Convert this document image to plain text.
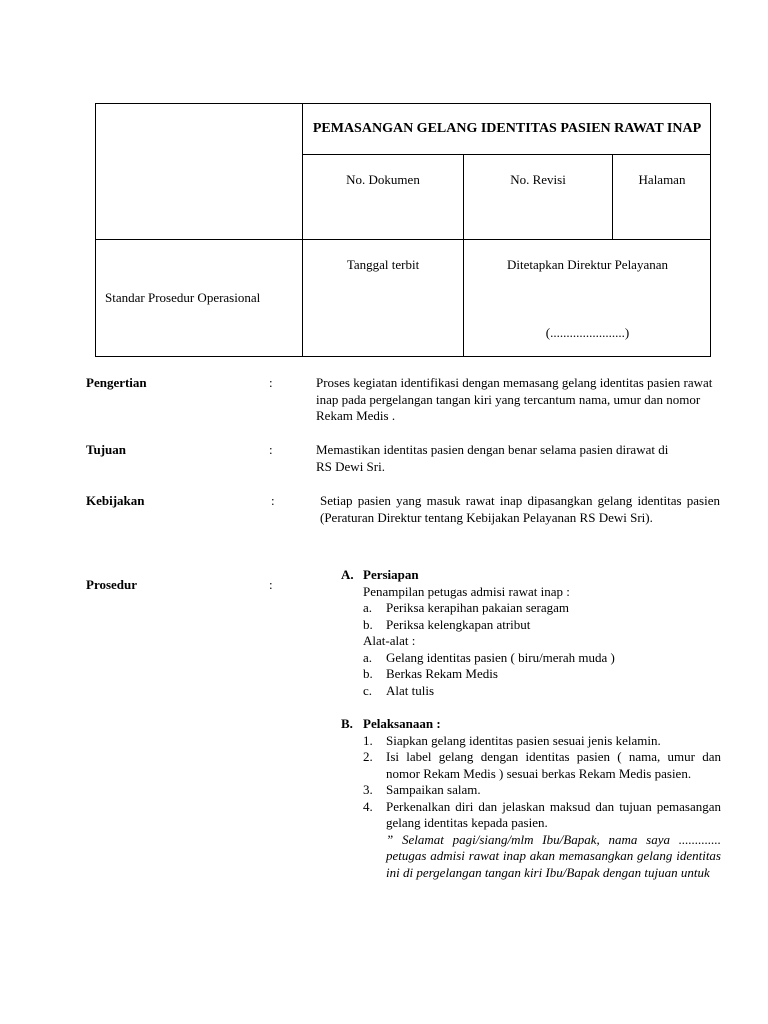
PEMASANGAN GELANG IDENTITAS PASIEN RAWAT INAP
No. Dokumen	No. Revisi	Halaman
Standar Prosedur Operasional
Tanggal terbit	Ditetapkan Direktur Pelayanan
(.......................)
Pengertian	:	Proses kegiatan identifikasi dengan memasang gelang identitas pasien rawat inap pada pergelangan tangan kiri yang tercantum nama, umur dan nomor Rekam Medis .
Tujuan	:	Memastikan identitas pasien dengan benar selama pasien dirawat di RS Dewi Sri.
Kebijakan	:	Setiap pasien yang masuk rawat inap dipasangkan gelang identitas pasien (Peraturan Direktur tentang Kebijakan Pelayanan RS Dewi Sri).
Prosedur	:
A. Persiapan
Penampilan petugas admisi rawat inap :
a. Periksa kerapihan pakaian seragam
b. Periksa kelengkapan atribut
Alat-alat :
a. Gelang identitas pasien ( biru/merah muda )
b. Berkas Rekam Medis
c. Alat tulis
B. Pelaksanaan :
1. Siapkan gelang identitas pasien sesuai jenis kelamin.
2. Isi label gelang dengan identitas pasien ( nama, umur dan nomor Rekam Medis ) sesuai berkas Rekam Medis pasien.
3. Sampaikan salam.
4. Perkenalkan diri dan jelaskan maksud dan tujuan pemasangan gelang identitas kepada pasien.
” Selamat pagi/siang/mlm Ibu/Bapak, nama saya ............. petugas admisi rawat inap akan memasangkan gelang identitas ini di pergelangan tangan kiri Ibu/Bapak dengan tujuan untuk
